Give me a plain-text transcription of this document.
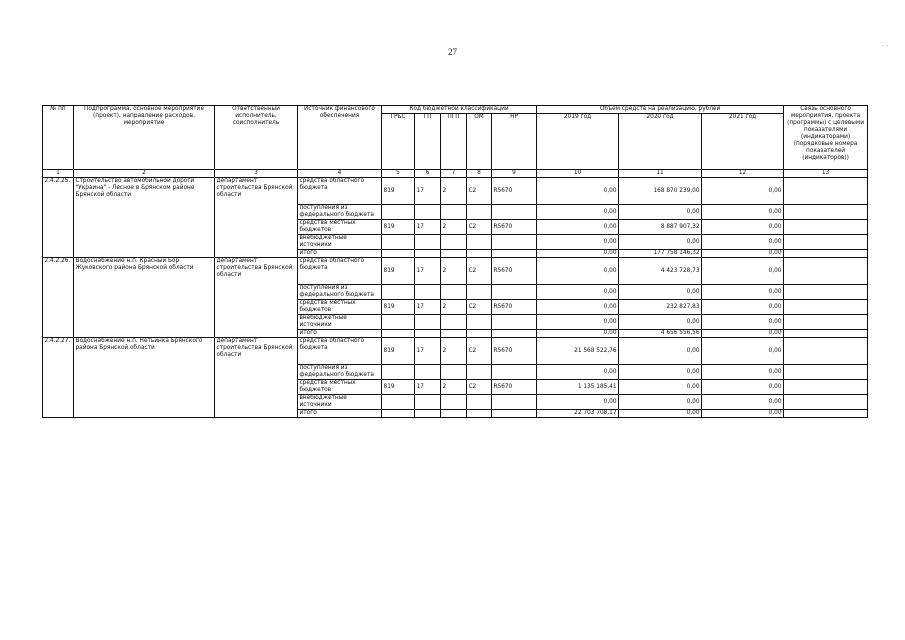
27
· ·
№ пп	Подпрограмма, основное мероприятие (проект), направление расходов, мероприятие	Ответственный исполнитель, соисполнитель	Источник финансового обеспечения	Код бюджетной классификации					Объём средств на реализацию, рублей			Связь основного мероприятия, проекта (программы) с целевыми показателями (индикаторами) (порядковые номера показателей (индикаторов))
				ГРБС	ГП	ПГП	ОМ	НР	2019 год	2020 год	2021 год	
1	2	3	4	5	6	7	8	9	10	11	12	13
2.4.2.25.	Строительство автомобильной дороги "Украина" - Лесное в Брянском районе Брянской области	департамент строительства Брянской области	средства областного бюджета	819	17	2	С2	R5670	0,00	168 870 239,00	0,00	
			поступления из федерального бюджета						0,00	0,00	0,00	
			средства местных бюджетов	819	17	2	С2	R5670	0,00	8 887 907,32	0,00	
			внебюджетные источники						0,00	0,00	0,00	
			итого						0,00	177 758 146,32	0,00	
2.4.2.26.	Водоснабжение н.п. Красный Бор Жуковского района Брянской области	департамент строительства Брянской области	средства областного бюджета	819	17	2	С2	R5670	0,00	4 423 728,73	0,00	
			поступления из федерального бюджета						0,00	0,00	0,00	
			средства местных бюджетов	819	17	2	С2	R5670	0,00	232 827,83	0,00	
			внебюджетные источники						0,00	0,00	0,00	
			итого						0,00	4 656 556,56	0,00	
2.4.2.27.	Водоснабжение н.п. Нетьинка Брянского района Брянской области	департамент строительства Брянской области	средства областного бюджета	819	17	2	С2	R5670	21 568 522,76	0,00	0,00	
			поступления из федерального бюджета						0,00	0,00	0,00	
			средства местных бюджетов	819	17	2	С2	R5670	1 135 185,41	0,00	0,00	
			внебюджетные источники						0,00	0,00	0,00	
			итого						22 703 708,17	0,00	0,00	
